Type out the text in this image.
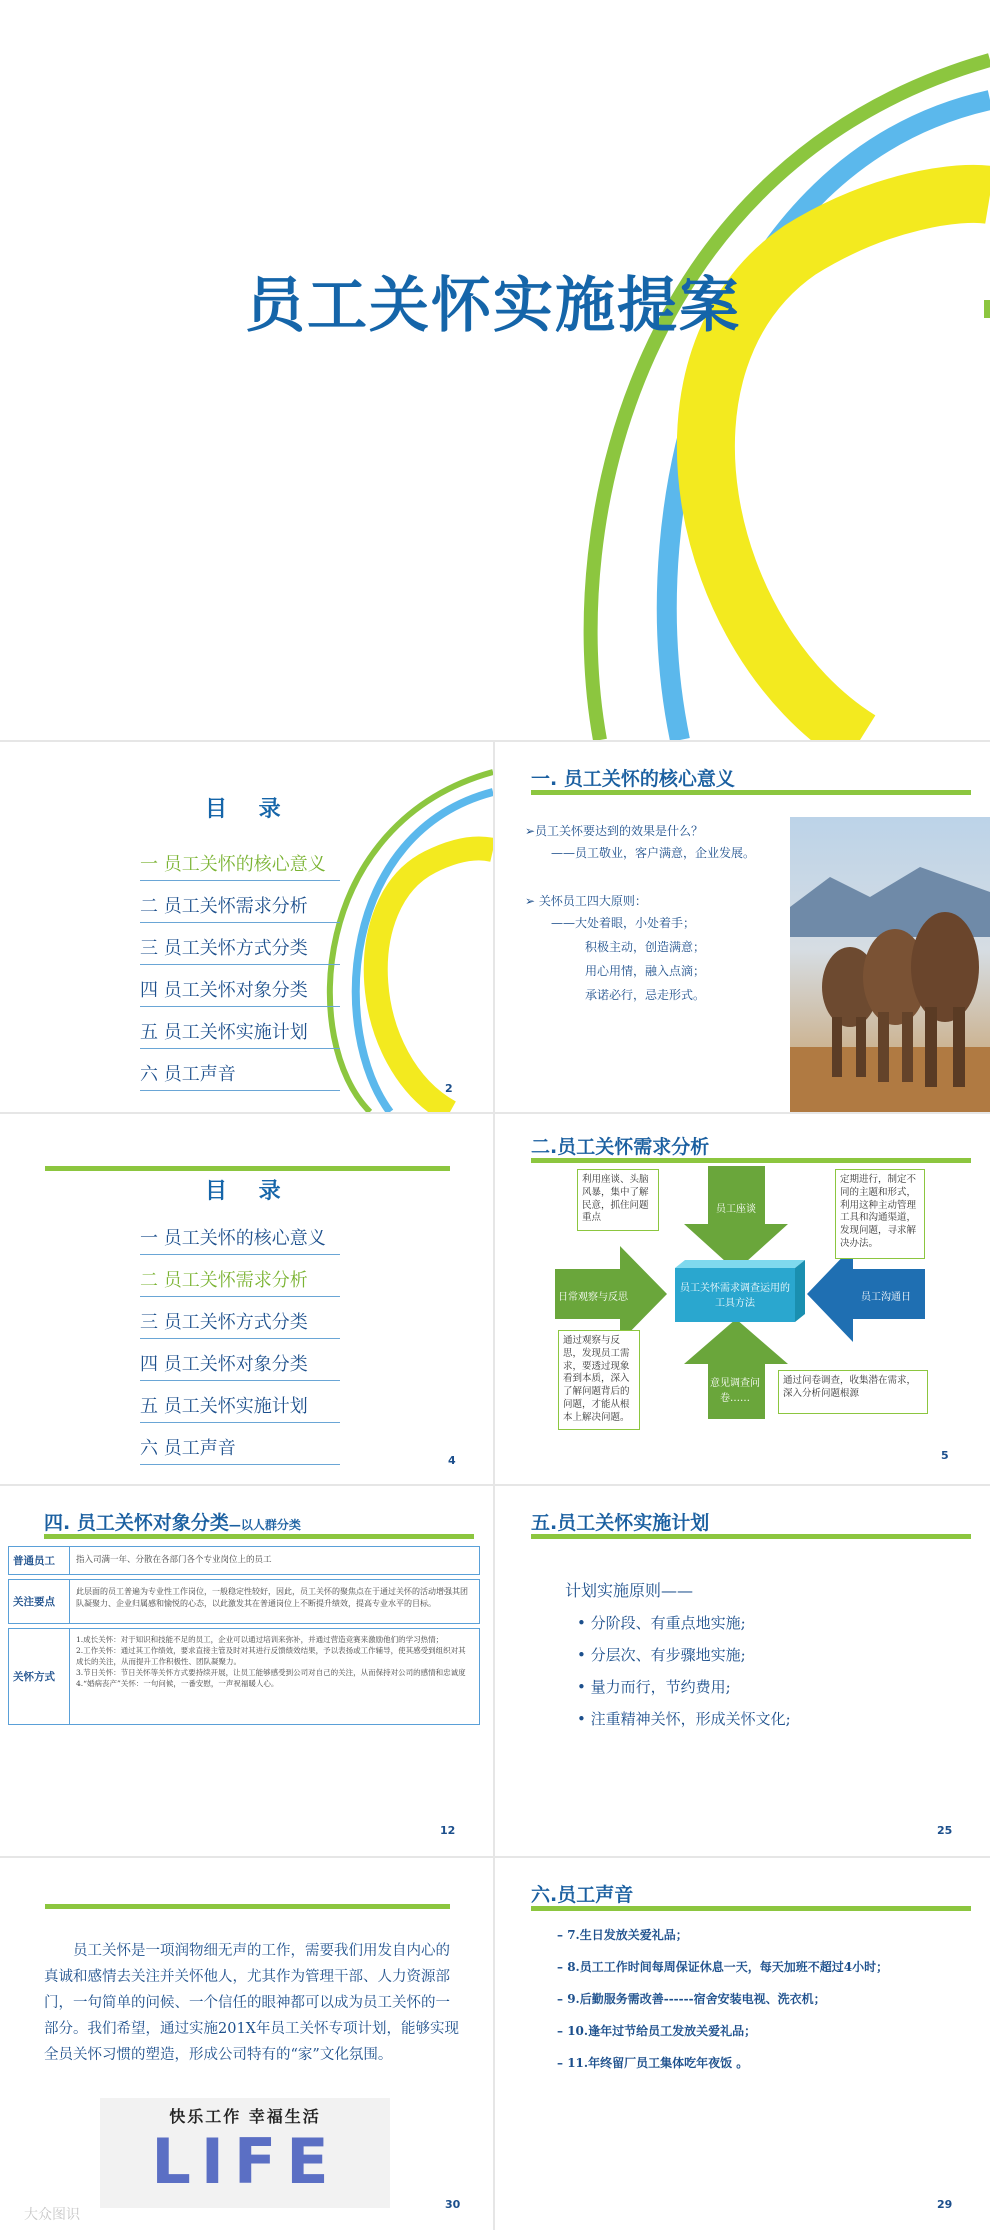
员工关怀实施提案
目 录
一 员工关怀的核心意义
二 员工关怀需求分析
三 员工关怀方式分类
四 员工关怀对象分类
五 员工关怀实施计划
六 员工声音
2
一. 员工关怀的核心意义
➢员工关怀要达到的效果是什么？
——员工敬业，客户满意，企业发展。
➢ 关怀员工四大原则：
——大处着眼，小处着手；
积极主动，创造满意；
用心用情，融入点滴；
承诺必行，忌走形式。
目 录
一 员工关怀的核心意义
二 员工关怀需求分析
三 员工关怀方式分类
四 员工关怀对象分类
五 员工关怀实施计划
六 员工声音
4
二.员工关怀需求分析
员工关怀需求调查运用的工具方法
员工座谈
日常观察与反思	员工沟通日
意见调查问卷……
利用座谈、头脑风暴，集中了解民意，抓住问题重点
定期进行，制定不同的主题和形式，利用这种主动管理工具和沟通渠道，发现问题，寻求解决办法。
通过观察与反思，发现员工需求，要透过现象看到本质，深入了解问题背后的问题，才能从根本上解决问题。
通过问卷调查，收集潜在需求，深入分析问题根源
5
四. 员工关怀对象分类—以人群分类
普通员工	指入司满一年、分散在各部门各个专业岗位上的员工
关注要点
此层面的员工普遍为专业性工作岗位，一般稳定性较好，因此，员工关怀的聚焦点在于通过关怀的活动增强其团队凝聚力、企业归属感和愉悦的心态，以此激发其在普通岗位上不断提升绩效，提高专业水平的目标。
关怀方式
1.成长关怀：对于知识和技能不足的员工，企业可以通过培训来弥补，并通过营造竞赛来激励他们的学习热情；
2.工作关怀：通过其工作绩效，要求直接主管及时对其进行反馈绩效结果，予以表扬或工作辅导，使其感受到组织对其成长的关注，从而提升工作积极性、团队凝聚力。
3.节日关怀：节日关怀等关怀方式要持续开展，让员工能够感受到公司对自己的关注，从而保持对公司的感情和忠诚度
4.“婚病丧产”关怀：一句问候，一番安慰，一声祝福暖人心。
12
五.员工关怀实施计划
计划实施原则——
• 分阶段、有重点地实施;
• 分层次、有步骤地实施;
• 量力而行，节约费用;
• 注重精神关怀，形成关怀文化;
25
员工关怀是一项润物细无声的工作，需要我们用发自内心的真诚和感情去关注并关怀他人，尤其作为管理干部、人力资源部门，一句简单的问候、一个信任的眼神都可以成为员工关怀的一部分。我们希望，通过实施201X年员工关怀专项计划，能够实现全员关怀习惯的塑造，形成公司特有的“家”文化氛围。
快乐工作 幸福生活
LIFE
大众图识
30
六.员工声音
– 7.生日发放关爱礼品；
– 8.员工工作时间每周保证休息一天，每天加班不超过4小时；
– 9.后勤服务需改善------宿舍安装电视、洗衣机；
– 10.逢年过节给员工发放关爱礼品；
– 11.年终留厂员工集体吃年夜饭 。
29
